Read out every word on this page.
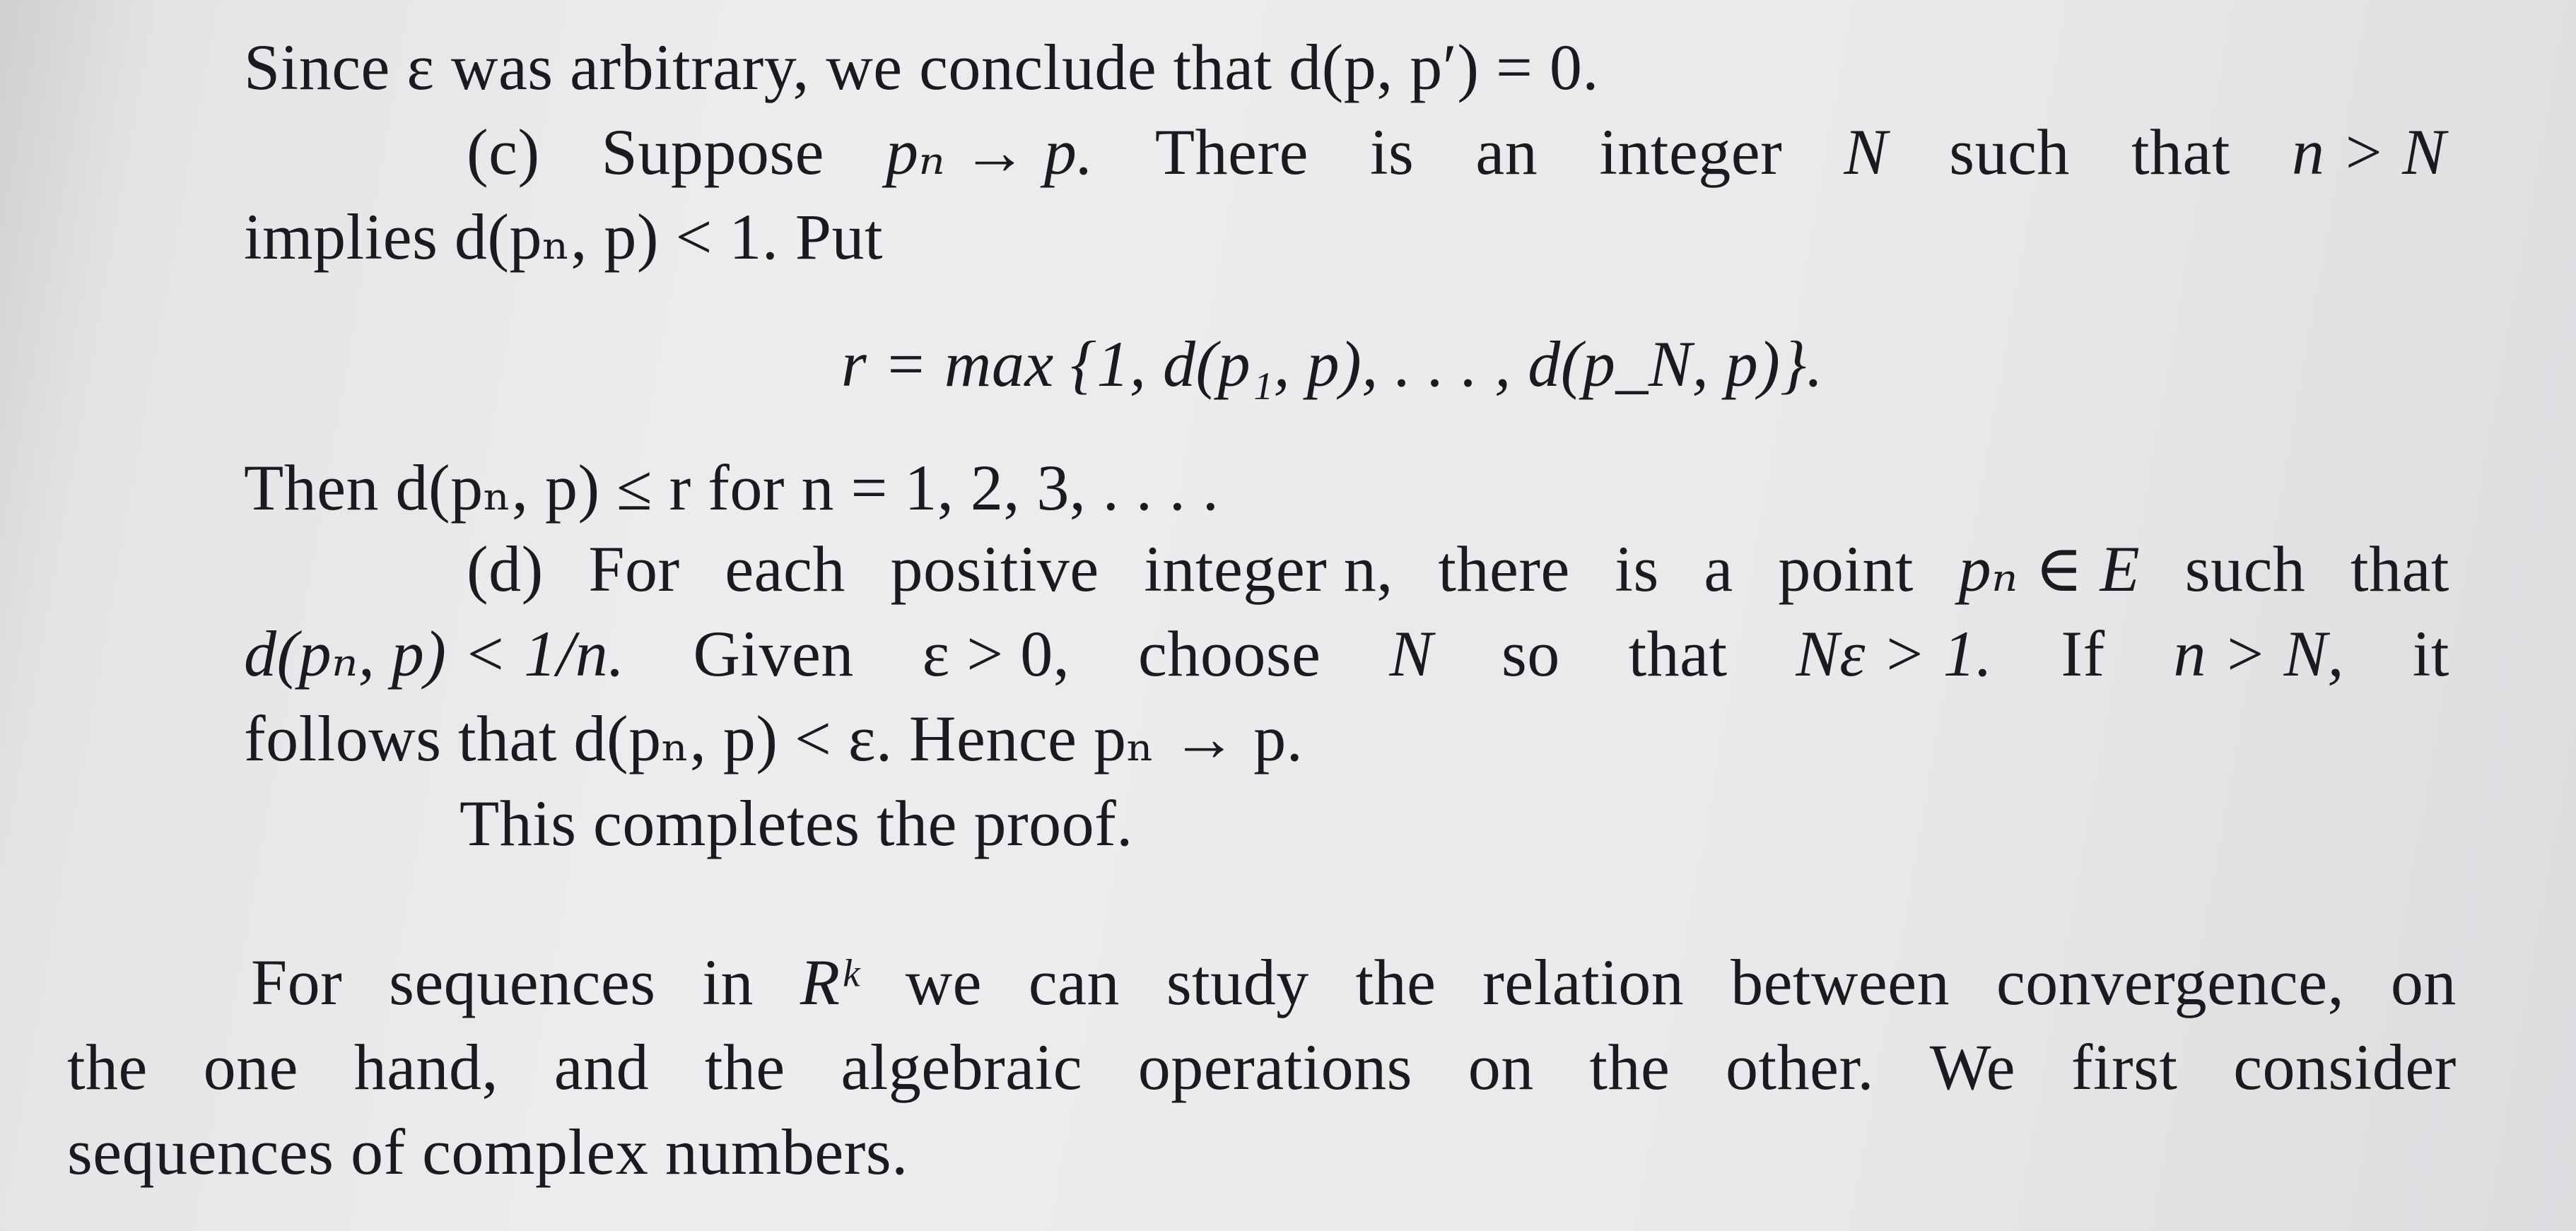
Since ε was arbitrary, we conclude that d(p, p′) = 0.
(c) Suppose pₙ → p. There is an integer N such that n > N
implies d(pₙ, p) < 1. Put
r = max {1, d(p₁, p), . . . , d(p_N, p)}.
Then d(pₙ, p) ≤ r for n = 1, 2, 3, . . . .
(d) For each positive integer n, there is a point pₙ ∈ E such that
d(pₙ, p) < 1/n. Given ε > 0, choose N so that Nε > 1. If n > N, it
follows that d(pₙ, p) < ε. Hence pₙ → p.
This completes the proof.
For sequences in Rᵏ we can study the relation between convergence, on
the one hand, and the algebraic operations on the other. We first consider
sequences of complex numbers.
